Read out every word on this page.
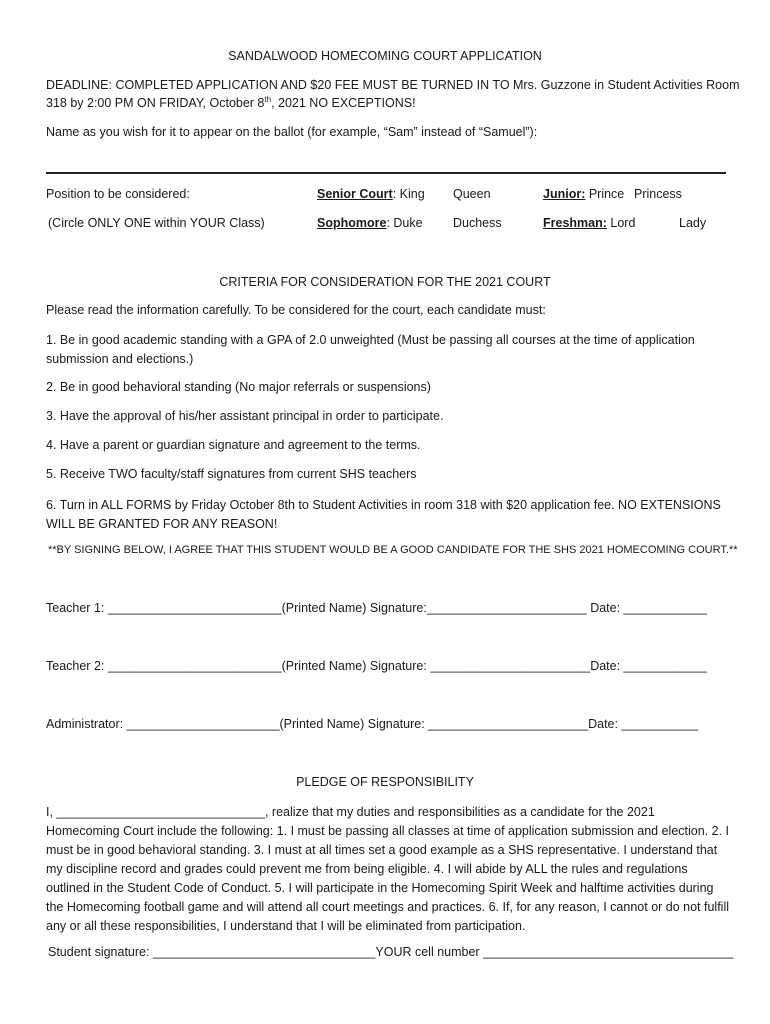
SANDALWOOD HOMECOMING COURT APPLICATION
DEADLINE: COMPLETED APPLICATION AND $20 FEE MUST BE TURNED IN TO Mrs. Guzzone in Student Activities Room
318 by 2:00 PM ON FRIDAY, October 8th, 2021 NO EXCEPTIONS!
Name as you wish for it to appear on the ballot (for example, “Sam” instead of “Samuel”):
Position to be considered:	Senior Court: King Queen	Junior: Prince Princess
(Circle ONLY ONE within YOUR Class)	Sophomore: Duke Duchess	Freshman: Lord	Lady
CRITERIA FOR CONSIDERATION FOR THE 2021 COURT
Please read the information carefully. To be considered for the court, each candidate must:
1. Be in good academic standing with a GPA of 2.0 unweighted (Must be passing all courses at the time of application submission and elections.)
2. Be in good behavioral standing (No major referrals or suspensions)
3. Have the approval of his/her assistant principal in order to participate.
4. Have a parent or guardian signature and agreement to the terms.
5. Receive TWO faculty/staff signatures from current SHS teachers
6. Turn in ALL FORMS by Friday October 8th to Student Activities in room 318 with $20 application fee. NO EXTENSIONS WILL BE GRANTED FOR ANY REASON!
**BY SIGNING BELOW, I AGREE THAT THIS STUDENT WOULD BE A GOOD CANDIDATE FOR THE SHS 2021 HOMECOMING COURT.**
Teacher 1: _________________________(Printed Name) Signature:_______________________ Date: ____________
Teacher 2: _________________________(Printed Name) Signature: _______________________Date: ____________
Administrator: ______________________(Printed Name) Signature: _______________________Date: ___________
PLEDGE OF RESPONSIBILITY
I, ______________________________, realize that my duties and responsibilities as a candidate for the 2021 Homecoming Court include the following: 1. I must be passing all classes at time of application submission and election. 2. I must be in good behavioral standing. 3. I must at all times set a good example as a SHS representative. I understand that my discipline record and grades could prevent me from being eligible. 4. I will abide by ALL the rules and regulations outlined in the Student Code of Conduct. 5. I will participate in the Homecoming Spirit Week and halftime activities during the Homecoming football game and will attend all court meetings and practices. 6. If, for any reason, I cannot or do not fulfill any or all these responsibilities, I understand that I will be eliminated from participation.
Student signature: ________________________________YOUR cell number ____________________________________
